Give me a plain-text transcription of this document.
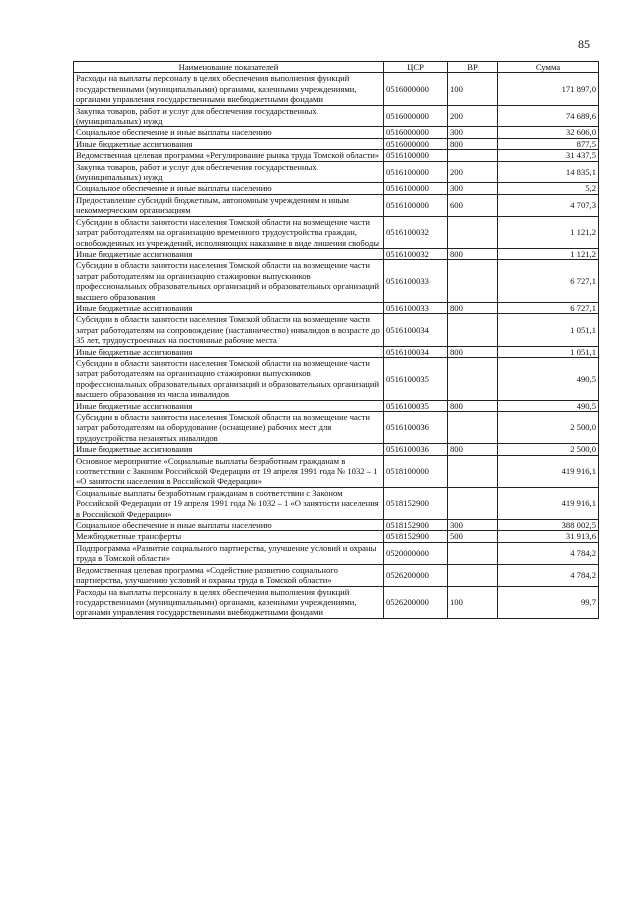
85
Наименование показателей	ЦСР	ВР	Сумма
Расходы на выплаты персоналу в целях обеспечения выполнения функций государственными (муниципальными) органами, казенными учреждениями, органами управления государственными внебюджетными фондами	0516000000	100	171 897,0
Закупка товаров, работ и услуг для обеспечения государственных (муниципальных) нужд	0516000000	200	74 689,6
Социальное обеспечение и иные выплаты населению	0516000000	300	32 606,0
Иные бюджетные ассигнования	0516000000	800	877,5
Ведомственная целевая программа «Регулирование рынка труда Томской области»	0516100000		31 437,5
Закупка товаров, работ и услуг для обеспечения государственных (муниципальных) нужд	0516100000	200	14 835,1
Социальное обеспечение и иные выплаты населению	0516100000	300	5,2
Предоставление субсидий бюджетным, автономным учреждениям и иным некоммерческим организациям	0516100000	600	4 707,3
Субсидии в области занятости населения Томской области на возмещение части затрат работодателям на организацию временного трудоустройства граждан, освобожденных из учреждений, исполняющих наказание в виде лишения свободы	0516100032		1 121,2
Иные бюджетные ассигнования	0516100032	800	1 121,2
Субсидии в области занятости населения Томской области на возмещение части затрат работодателям на организацию стажировки выпускников профессиональных образовательных организаций и образовательных организаций высшего образования	0516100033		6 727,1
Иные бюджетные ассигнования	0516100033	800	6 727,1
Субсидии в области занятости населения Томской области на возмещение части затрат работодателям на сопровождение (наставничество) инвалидов в возрасте до 35 лет, трудоустроенных на постоянные рабочие места	0516100034		1 051,1
Иные бюджетные ассигнования	0516100034	800	1 051,1
Субсидии в области занятости населения Томской области на возмещение части затрат работодателям на организацию стажировки выпускников профессиональных образовательных организаций и образовательных организаций высшего образования из числа инвалидов	0516100035		490,5
Иные бюджетные ассигнования	0516100035	800	490,5
Субсидии в области занятости населения Томской области на возмещение части затрат работодателям на оборудование (оснащение) рабочих мест для трудоустройства незанятых инвалидов	0516100036		2 500,0
Иные бюджетные ассигнования	0516100036	800	2 500,0
Основное мероприятие «Социальные выплаты безработным гражданам в соответствии с Законом Российской Федерации от 19 апреля 1991 года № 1032 – 1 «О занятости населения в Российской Федерации»	0518100000		419 916,1
Социальные выплаты безработным гражданам в соответствии с Законом Российской Федерации от 19 апреля 1991 года № 1032 – 1 «О занятости населения в Российской Федерации»	0518152900		419 916,1
Социальное обеспечение и иные выплаты населению	0518152900	300	388 002,5
Межбюджетные трансферты	0518152900	500	31 913,6
Подпрограмма «Развитие социального партнерства, улучшение условий и охраны труда в Томской области»	0520000000		4 784,2
Ведомственная целевая программа «Содействие развитию социального партнерства, улучшению условий и охраны труда в Томской области»	0526200000		4 784,2
Расходы на выплаты персоналу в целях обеспечения выполнения функций государственными (муниципальными) органами, казенными учреждениями, органами управления государственными внебюджетными фондами	0526200000	100	99,7
